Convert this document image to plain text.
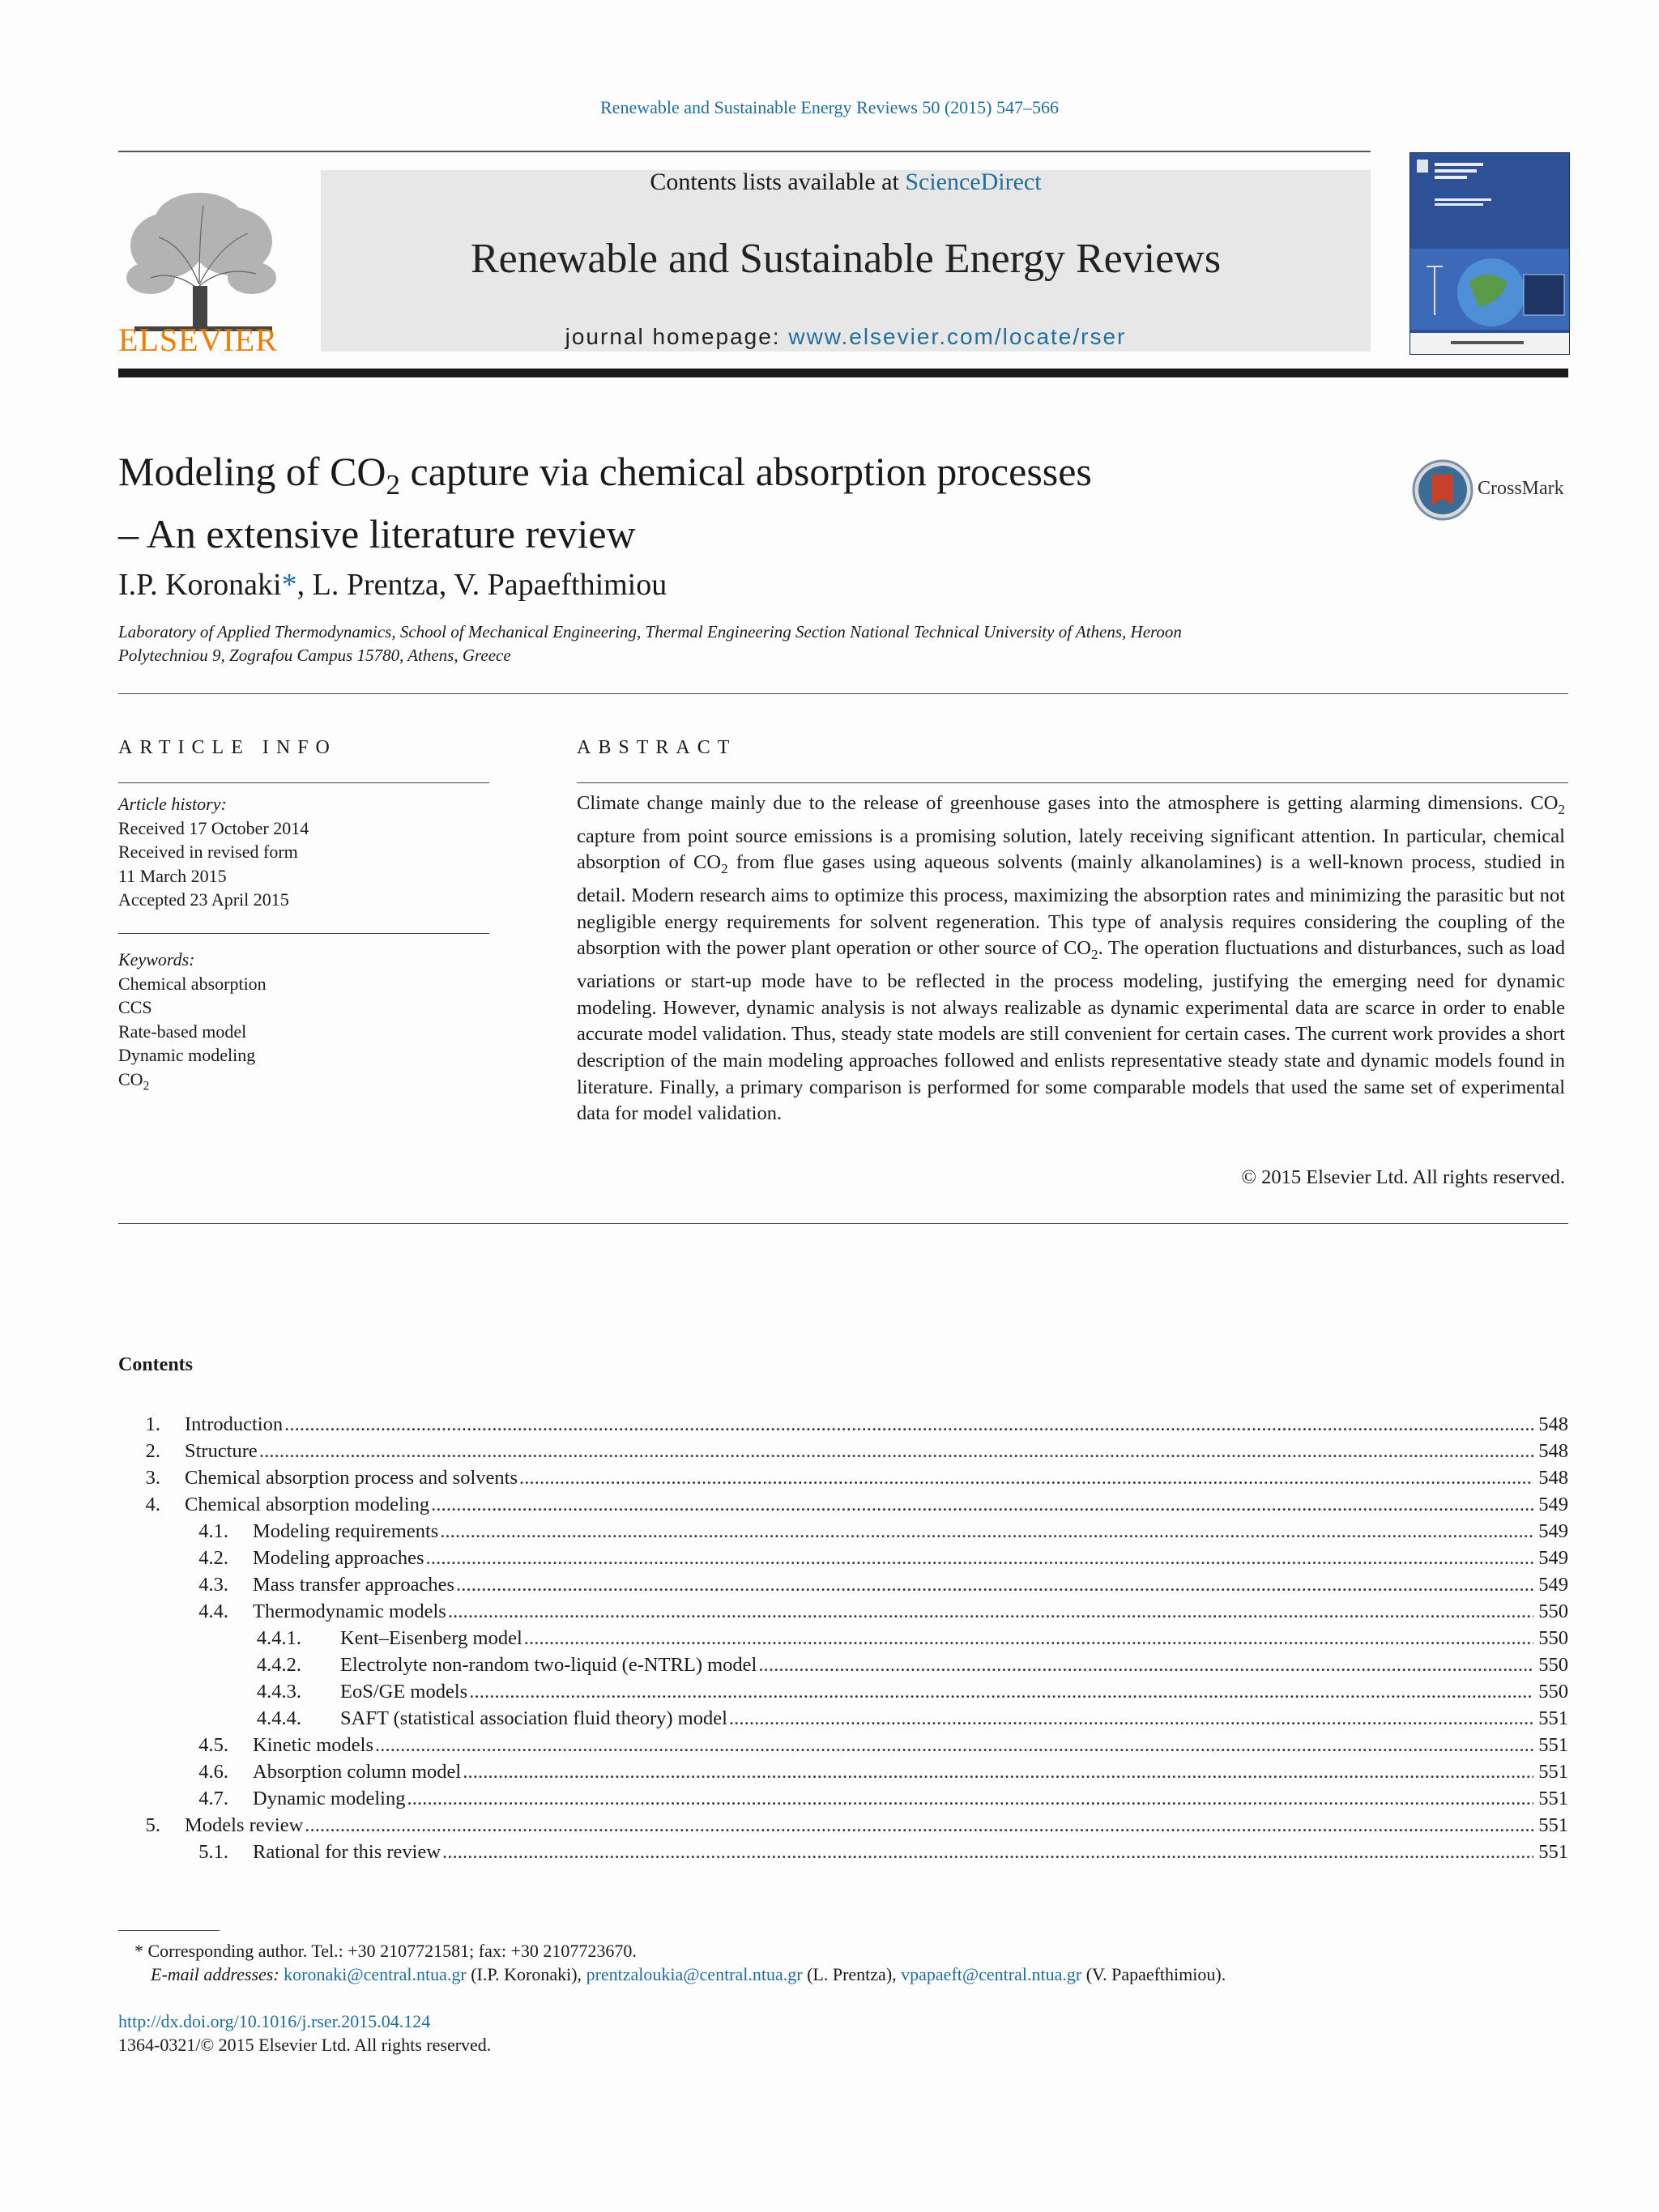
Renewable and Sustainable Energy Reviews 50 (2015) 547–566
ELSEVIER
Contents lists available at ScienceDirect
Renewable and Sustainable Energy Reviews
journal homepage: www.elsevier.com/locate/rser
Modeling of $CO_2$ capture via chemical absorption processes
– An extensive literature review
CrossMark
I.P. Koronaki*, L. Prentza, V. Papaefthimiou
Laboratory of Applied Thermodynamics, School of Mechanical Engineering, Thermal Engineering Section National Technical University of Athens, Heroon
Polytechniou 9, Zografou Campus 15780, Athens, Greece
ARTICLE INFO
Article history:
Received 17 October 2014
Received in revised form
11 March 2015
Accepted 23 April 2015
Keywords:
Chemical absorption
CCS
Rate-based model
Dynamic modeling
$CO_2$
ABSTRACT
Climate change mainly due to the release of greenhouse gases into the atmosphere is getting alarming dimensions. $CO_2$ capture from point source emissions is a promising solution, lately receiving significant attention. In particular, chemical absorption of $CO_2$ from flue gases using aqueous solvents (mainly alkanolamines) is a well-known process, studied in detail. Modern research aims to optimize this process, maximizing the absorption rates and minimizing the parasitic but not negligible energy requirements for solvent regeneration. This type of analysis requires considering the coupling of the absorption with the power plant operation or other source of $CO_2$. The operation fluctuations and disturbances, such as load variations or start-up mode have to be reflected in the process modeling, justifying the emerging need for dynamic modeling. However, dynamic analysis is not always realizable as dynamic experimental data are scarce in order to enable accurate model validation. Thus, steady state models are still convenient for certain cases. The current work provides a short description of the main modeling approaches followed and enlists representative steady state and dynamic models found in literature. Finally, a primary comparison is performed for some comparable models that used the same set of experimental data for model validation.
© 2015 Elsevier Ltd. All rights reserved.
Contents
1. Introduction . . .	548
2. Structure . . .	548
3. Chemical absorption process and solvents . . .	548
4. Chemical absorption modeling . . .	549
4.1. Modeling requirements . . .	549
4.2. Modeling approaches . . .	549
4.3. Mass transfer approaches . . .	549
4.4. Thermodynamic models . . .	550
4.4.1. Kent–Eisenberg model . . .	550
4.4.2. Electrolyte non-random two-liquid (e-NTRL) model . . .	550
4.4.3. EoS/GE models . . .	550
4.4.4. SAFT (statistical association fluid theory) model . . .	551
4.5. Kinetic models . . .	551
4.6. Absorption column model . . .	551
4.7. Dynamic modeling . . .	551
5. Models review . . .	551
5.1. Rational for this review . . .	551
* Corresponding author. Tel.: +30 2107721581; fax: +30 2107723670.
E-mail addresses: koronaki@central.ntua.gr (I.P. Koronaki), prentzaloukia@central.ntua.gr (L. Prentza), vpapaeft@central.ntua.gr (V. Papaefthimiou).
http://dx.doi.org/10.1016/j.rser.2015.04.124
1364-0321/© 2015 Elsevier Ltd. All rights reserved.
